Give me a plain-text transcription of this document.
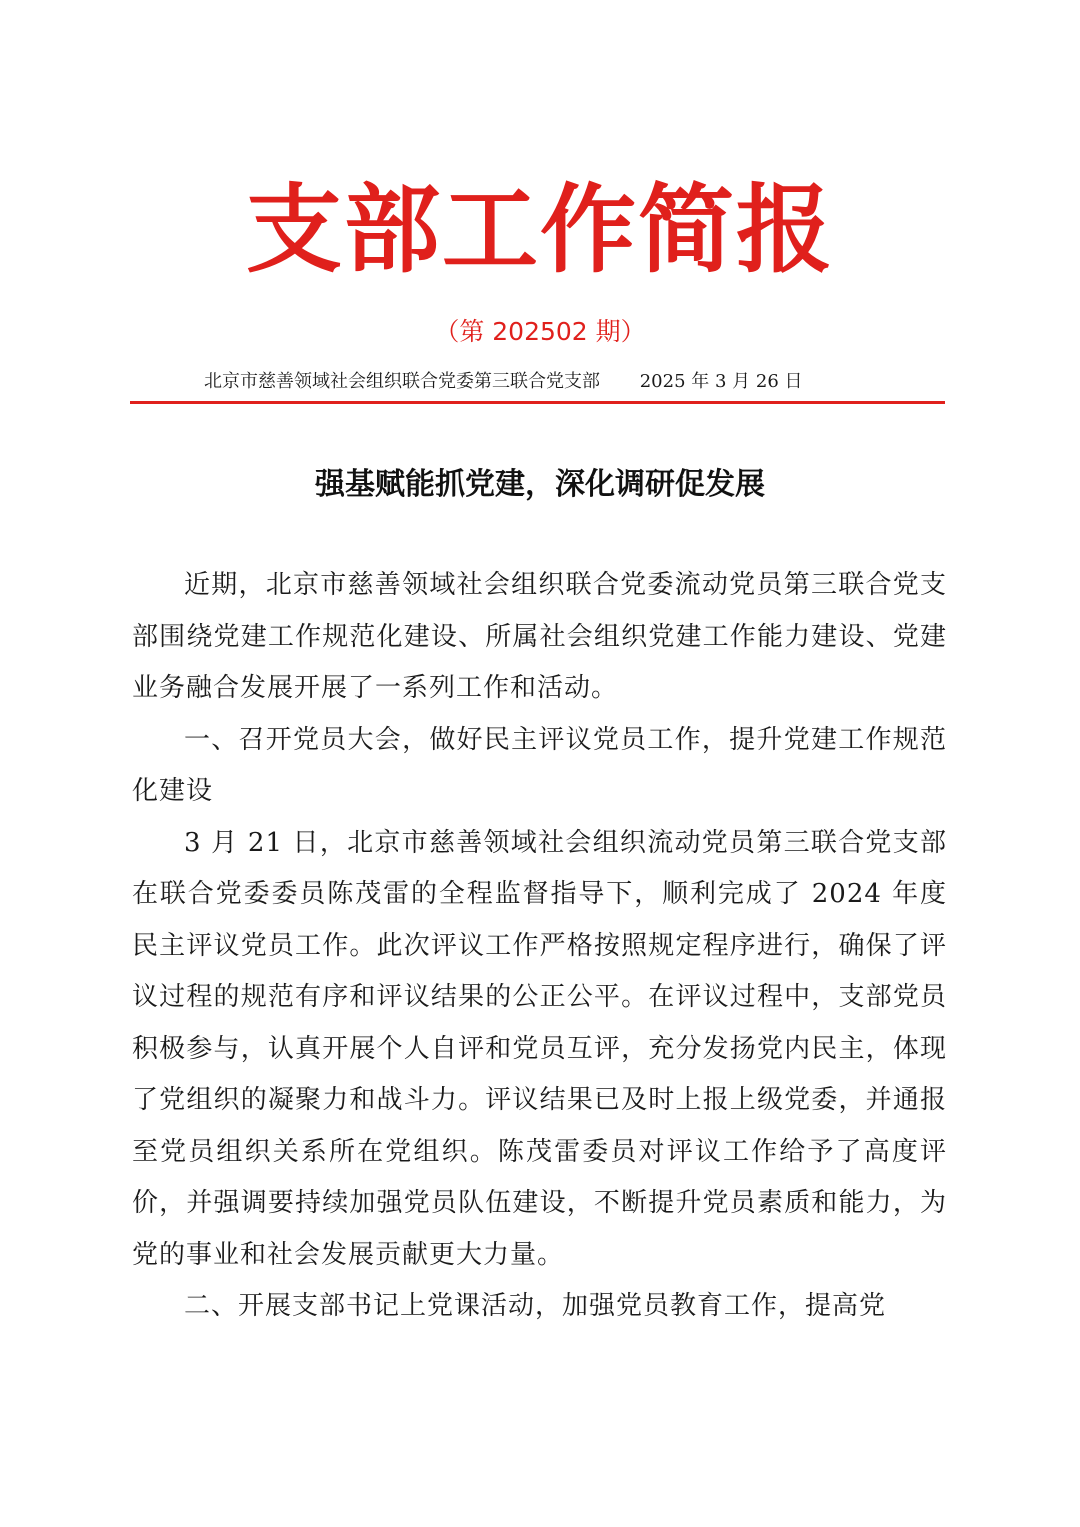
支部工作简报
（第 202502 期）
北京市慈善领域社会组织联合党委第三联合党支部 2025 年 3 月 26 日
强基赋能抓党建，深化调研促发展

近期，北京市慈善领域社会组织联合党委流动党员第三联合党支部围绕党建工作规范化建设、所属社会组织党建工作能力建设、党建业务融合发展开展了一系列工作和活动。

一、召开党员大会，做好民主评议党员工作，提升党建工作规范化建设

3 月 21 日，北京市慈善领域社会组织流动党员第三联合党支部在联合党委委员陈茂雷的全程监督指导下，顺利完成了 2024 年度民主评议党员工作。此次评议工作严格按照规定程序进行，确保了评议过程的规范有序和评议结果的公正公平。在评议过程中，支部党员积极参与，认真开展个人自评和党员互评，充分发扬党内民主，体现了党组织的凝聚力和战斗力。评议结果已及时上报上级党委，并通报至党员组织关系所在党组织。陈茂雷委员对评议工作给予了高度评价，并强调要持续加强党员队伍建设，不断提升党员素质和能力，为党的事业和社会发展贡献更大力量。

二、开展支部书记上党课活动，加强党员教育工作，提高党
